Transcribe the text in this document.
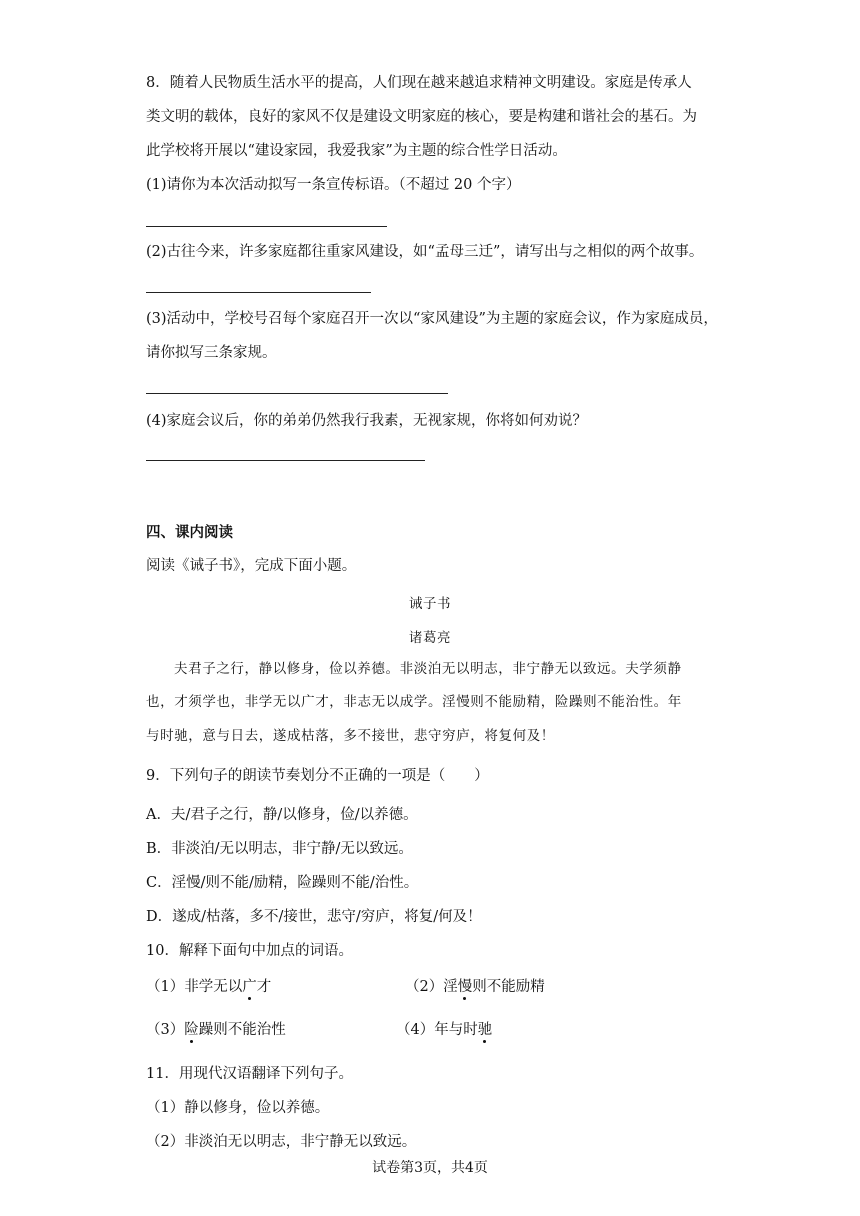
8．随着人民物质生活水平的提高，人们现在越来越追求精神文明建设。家庭是传承人
类文明的载体，良好的家风不仅是建设文明家庭的核心，要是构建和谐社会的基石。为
此学校将开展以“建设家园，我爱我家”为主题的综合性学日活动。
(1)请你为本次活动拟写一条宣传标语。（不超过 20 个字）
(2)古往今来，许多家庭都往重家风建设，如“孟母三迁”，请写出与之相似的两个故事。
(3)活动中，学校号召每个家庭召开一次以“家风建设”为主题的家庭会议，作为家庭成员，
请你拟写三条家规。
(4)家庭会议后，你的弟弟仍然我行我素，无视家规，你将如何劝说？
四、课内阅读
阅读《诫子书》，完成下面小题。
诫子书
诸葛亮
夫君子之行，静以修身，俭以养德。非淡泊无以明志，非宁静无以致远。夫学须静
也，才须学也，非学无以广才，非志无以成学。淫慢则不能励精，险躁则不能治性。年
与时驰，意与日去，遂成枯落，多不接世，悲守穷庐，将复何及！
9．下列句子的朗读节奏划分不正确的一项是（　　）
A．夫/君子之行，静/以修身，俭/以养德。
B．非淡泊/无以明志，非宁静/无以致远。
C．淫慢/则不能/励精，险躁则不能/治性。
D．遂成/枯落，多不/接世，悲守/穷庐，将复/何及！
10．解释下面句中加点的词语。
（1）非学无以广才	（2）淫慢则不能励精
（3）险躁则不能治性	（4）年与时驰
11．用现代汉语翻译下列句子。
（1）静以修身，俭以养德。
（2）非淡泊无以明志，非宁静无以致远。
试卷第3页，共4页
